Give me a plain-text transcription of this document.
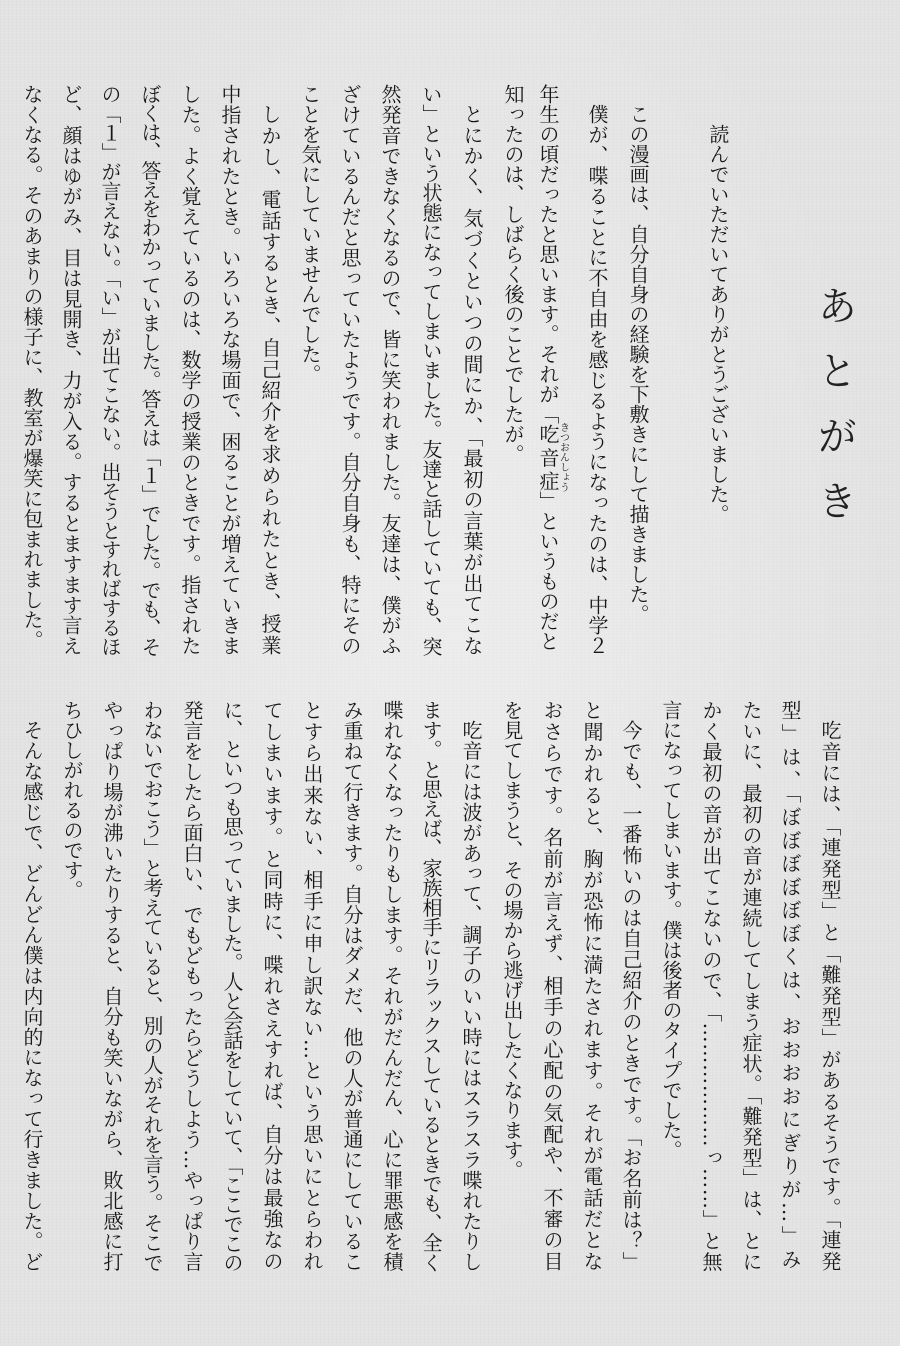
あとがき
読んでいただいてありがとうございました。
この漫画は、自分自身の経験を下敷きにして描きました。
僕が、喋ることに不自由を感じるようになったのは、中学２
年生の頃だったと思います。それが「吃音症きつおんしょう」というものだと
知ったのは、しばらく後のことでしたが。
とにかく、気づくといつの間にか、「最初の言葉が出てこな
い」という状態になってしまいました。友達と話していても、突
然発音できなくなるので、皆に笑われました。友達は、僕がふ
ざけているんだと思っていたようです。自分自身も、特にその
ことを気にしていませんでした。
しかし、電話するとき、自己紹介を求められたとき、授業
中指されたとき。いろいろな場面で、困ることが増えていきま
した。よく覚えているのは、数学の授業のときです。指された
ぼくは、答えをわかっていました。答えは「１」でした。でも、そ
の「１」が言えない。「い」が出てこない。出そうとすればするほ
ど、顔はゆがみ、目は見開き、力が入る。するとますます言え
なくなる。そのあまりの様子に、教室が爆笑に包まれました。
吃音には、「連発型」と「難発型」があるそうです。「連発
型」は、「ぼぼぼぼぼぼくは、おおおおにぎりが…」み
たいに、最初の音が連続してしまう症状。「難発型」は、とに
かく最初の音が出てこないので、「………………っ……」と無
言になってしまいます。僕は後者のタイプでした。
今でも、一番怖いのは自己紹介のときです。「お名前は？」
と聞かれると、胸が恐怖に満たされます。それが電話だとな
おさらです。名前が言えず、相手の心配の気配や、不審の目
を見てしまうと、その場から逃げ出したくなります。
吃音には波があって、調子のいい時にはスラスラ喋れたりし
ます。と思えば、家族相手にリラックスしているときでも、全く
喋れなくなったりもします。それがだんだん、心に罪悪感を積
み重ねて行きます。自分はダメだ、他の人が普通にしているこ
とすら出来ない、相手に申し訳ない…という思いにとらわれ
てしまいます。と同時に、喋れさえすれば、自分は最強なの
に、といつも思っていました。人と会話をしていて、「ここでこの
発言をしたら面白い、でもどもったらどうしよう…やっぱり言
わないでおこう」と考えていると、別の人がそれを言う。そこで
やっぱり場が沸いたりすると、自分も笑いながら、敗北感に打
ちひしがれるのです。
そんな感じで、どんどん僕は内向的になって行きました。ど
